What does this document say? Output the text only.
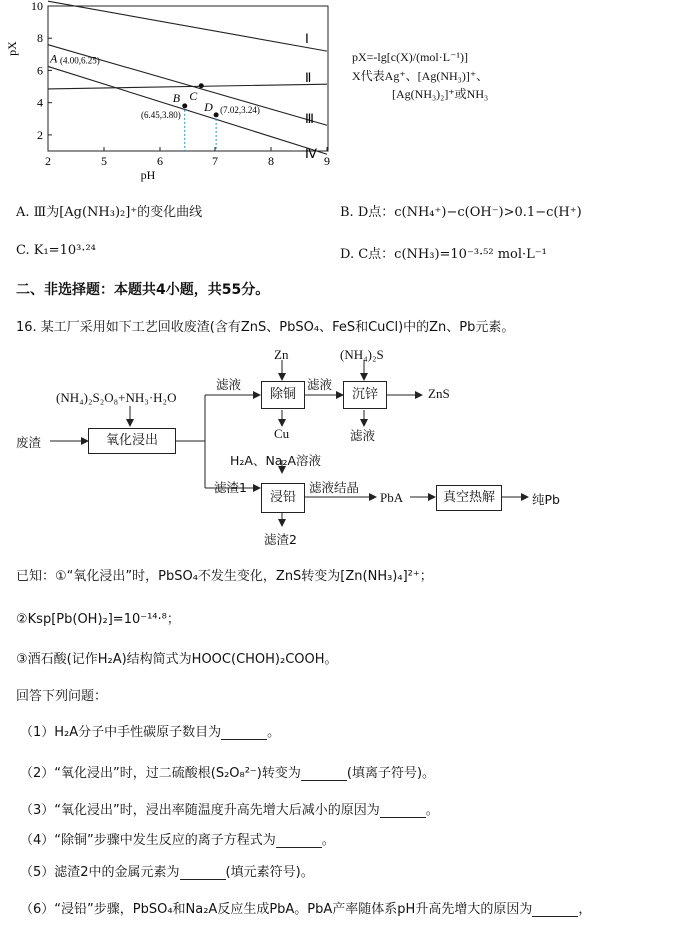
2	5	6	7	8	9
10
8
6
4
2
pH
pX
Ⅰ
Ⅱ
Ⅲ
Ⅳ
A (4.00,6.25)
B
(6.45,3.80)
C
D (7.02,3.24)
pX=-lg[c(X)/(mol·L⁻¹)]
X代表Ag⁺、[Ag(NH₃)]⁺、
[Ag(NH₃)₂]⁺或NH₃
A. Ⅲ为[Ag(NH₃)₂]⁺的变化曲线	B. D点：c(NH₄⁺)−c(OH⁻)>0.1−c(H⁺)
C. K₁=10³·²⁴	D. C点：c(NH₃)=10⁻³·⁵² mol·L⁻¹
二、非选择题：本题共4小题，共55分。
16. 某工厂采用如下工艺回收废渣(含有ZnS、PbSO₄、FeS和CuCl)中的Zn、Pb元素。
(NH₄)₂S₂O₈+NH₃·H₂O
废渣	氧化浸出
滤液
Zn
除铜
Cu
滤液
(NH₄)₂S
沉锌	ZnS
滤液
H₂A、Na₂A溶液
滤渣1
浸铅
滤液结晶
PbA	真空热解	纯Pb
滤渣2
已知：①“氧化浸出”时，PbSO₄不发生变化，ZnS转变为[Zn(NH₃)₄]²⁺；
②Ksp[Pb(OH)₂]=10⁻¹⁴·⁸；
③酒石酸(记作H₂A)结构简式为HOOC(CHOH)₂COOH。
回答下列问题：
（1）H₂A分子中手性碳原子数目为	。
（2）“氧化浸出”时，过二硫酸根(S₂O₈²⁻)转变为	(填离子符号)。
（3）“氧化浸出”时，浸出率随温度升高先增大后减小的原因为	。
（4）“除铜”步骤中发生反应的离子方程式为	。
（5）滤渣2中的金属元素为	(填元素符号)。
（6）“浸铅”步骤，PbSO₄和Na₂A反应生成PbA。PbA产率随体系pH升高先增大的原因为	，
